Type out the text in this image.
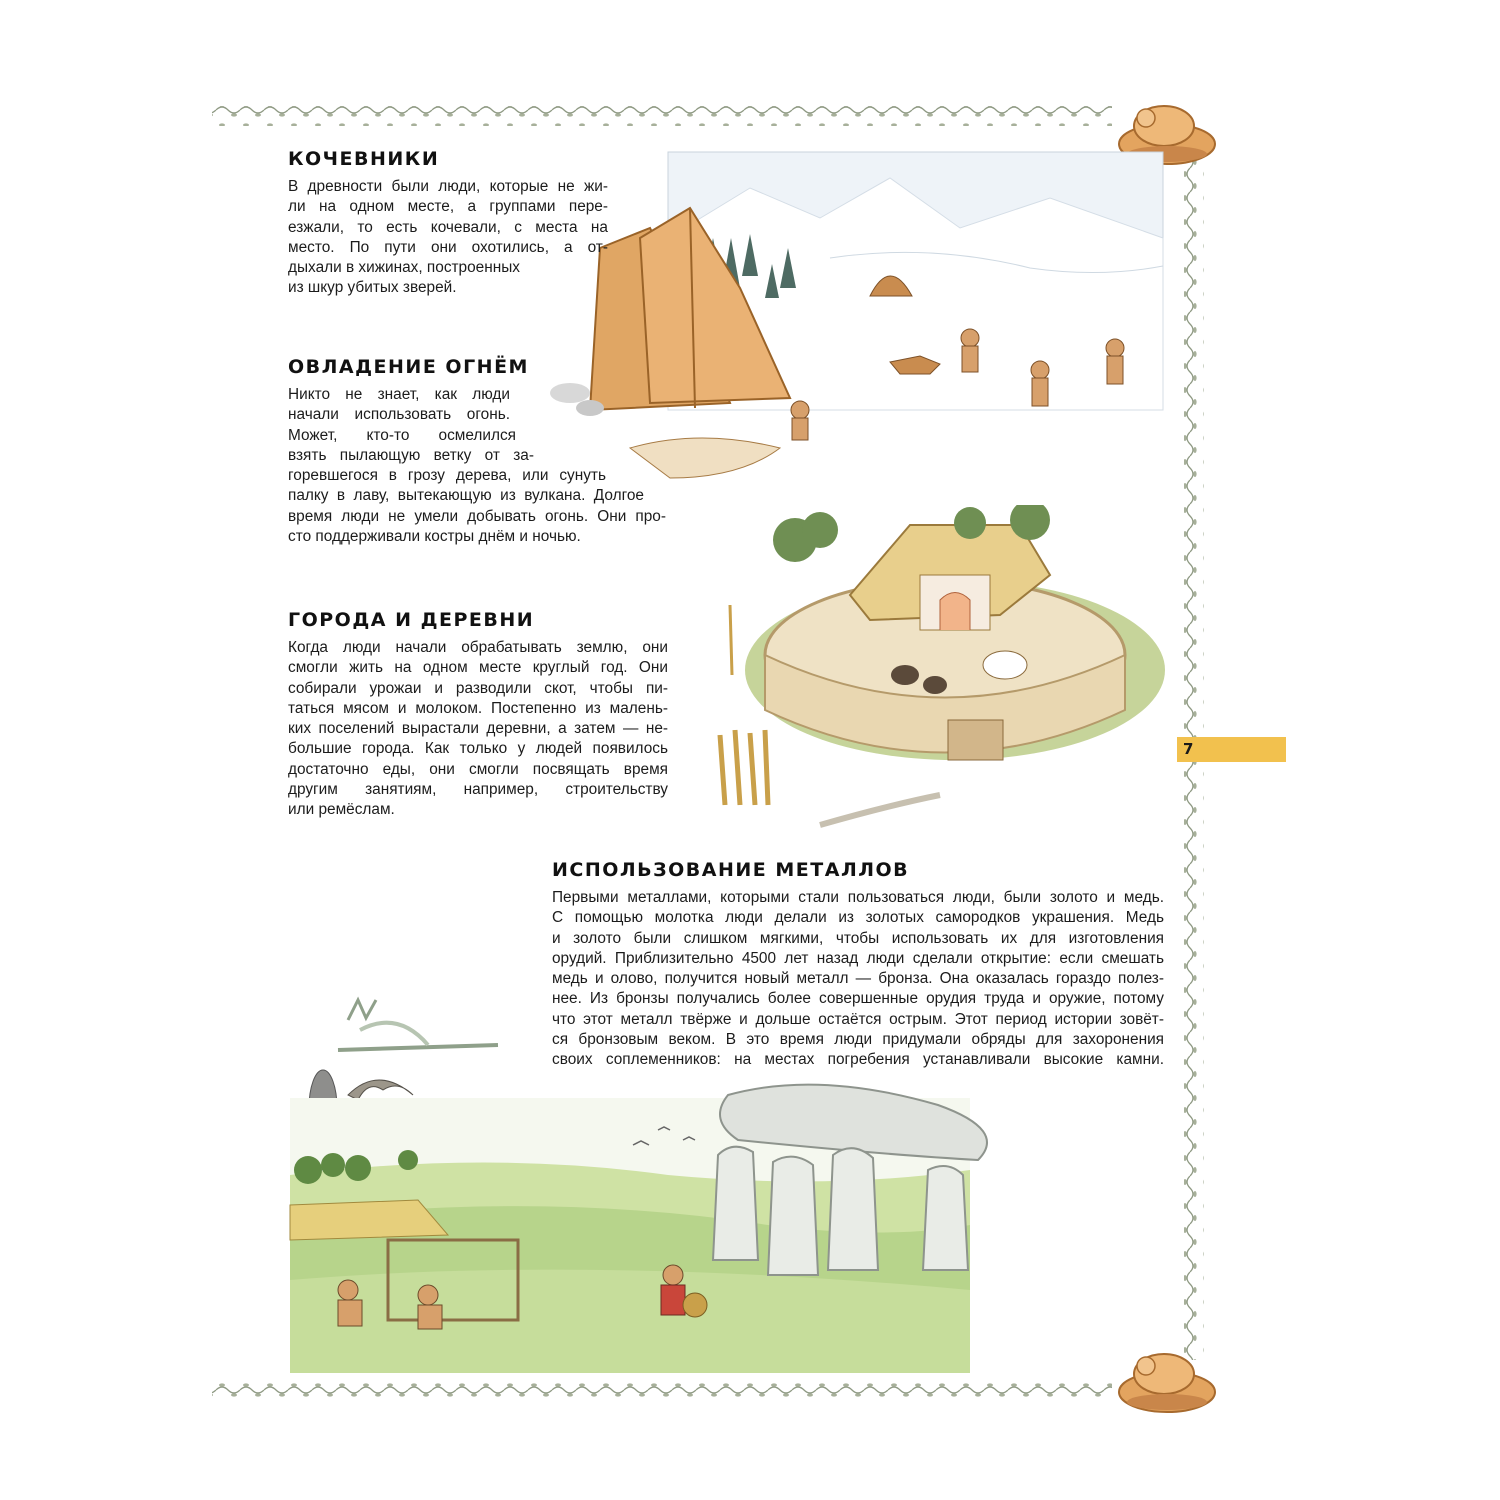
КОЧЕВНИКИ
В древности были люди, которые не жи-
ли на одном месте, а группами пере-
езжали, то есть кочевали, с места на
место. По пути они охотились, а от-
дыхали в хижинах, построенных
из шкур убитых зверей.
ОВЛАДЕНИЕ ОГНЁМ
Никто не знает, как люди
начали использовать огонь.
Может, кто-то осмелился
взять пылающую ветку от за-
горевшегося в грозу дерева, или сунуть
палку в лаву, вытекающую из вулкана. Долгое
время люди не умели добывать огонь. Они про-
сто поддерживали костры днём и ночью.
ГОРОДА И ДЕРЕВНИ
Когда люди начали обрабатывать землю, они
смогли жить на одном месте круглый год. Они
собирали урожаи и разводили скот, чтобы пи-
таться мясом и молоком. Постепенно из малень-
ких поселений вырастали деревни, а затем — не-
большие города. Как только у людей появилось
достаточно еды, они смогли посвящать время
другим занятиям, например, строительству
или ремёслам.
ИСПОЛЬЗОВАНИЕ МЕТАЛЛОВ
Первыми металлами, которыми стали пользоваться люди, были золото и медь.
С помощью молотка люди делали из золотых самородков украшения. Медь
и золото были слишком мягкими, чтобы использовать их для изготовления
орудий. Приблизительно 4500 лет назад люди сделали открытие: если смешать
медь и олово, получится новый металл — бронза. Она оказалась гораздо полез-
нее. Из бронзы получались более совершенные орудия труда и оружие, потому
что этот металл твёрже и дольше остаётся острым. Этот период истории зовёт-
ся бронзовым веком. В это время люди придумали обряды для захоронения
своих соплеменников: на местах погребения устанавливали высокие камни.
7
